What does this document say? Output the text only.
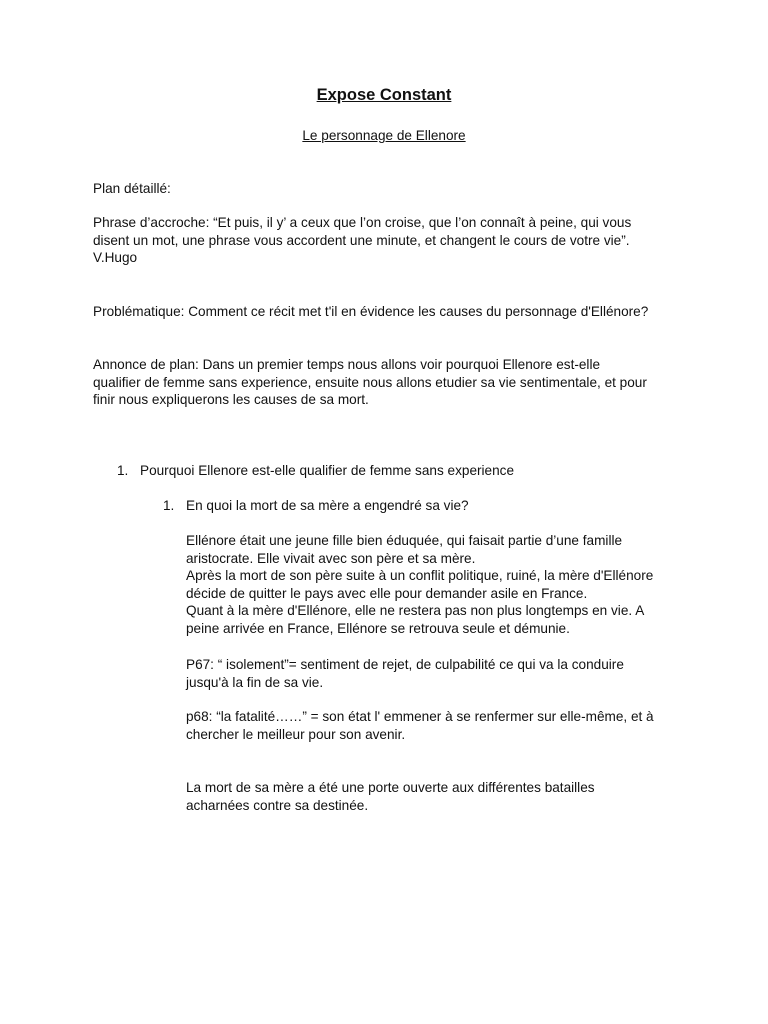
Expose Constant
Le personnage de Ellenore
Plan détaillé:
Phrase d’accroche: “Et puis, il y’ a ceux que l’on croise, que l’on connaît à peine, qui vous
disent un mot, une phrase vous accordent une minute, et changent le cours de votre vie”.
V.Hugo
Problématique: Comment ce récit met t'il en évidence les causes du personnage d'Ellénore?
Annonce de plan: Dans un premier temps nous allons voir pourquoi Ellenore est-elle
qualifier de femme sans experience, ensuite nous allons etudier sa vie sentimentale, et pour
finir nous expliquerons les causes de sa mort.
1. Pourquoi Ellenore est-elle qualifier de femme sans experience
1. En quoi la mort de sa mère a engendré sa vie?
Ellénore était une jeune fille bien éduquée, qui faisait partie d’une famille
aristocrate. Elle vivait avec son père et sa mère.
Après la mort de son père suite à un conflit politique, ruiné, la mère d'Ellénore
décide de quitter le pays avec elle pour demander asile en France.
Quant à la mère d'Ellénore, elle ne restera pas non plus longtemps en vie. A
peine arrivée en France, Ellénore se retrouva seule et démunie.
P67: “ isolement”= sentiment de rejet, de culpabilité ce qui va la conduire
jusqu'à la fin de sa vie.
p68: “la fatalité……” = son état l' emmener à se renfermer sur elle-même, et à
chercher le meilleur pour son avenir.
La mort de sa mère a été une porte ouverte aux différentes batailles
acharnées contre sa destinée.
